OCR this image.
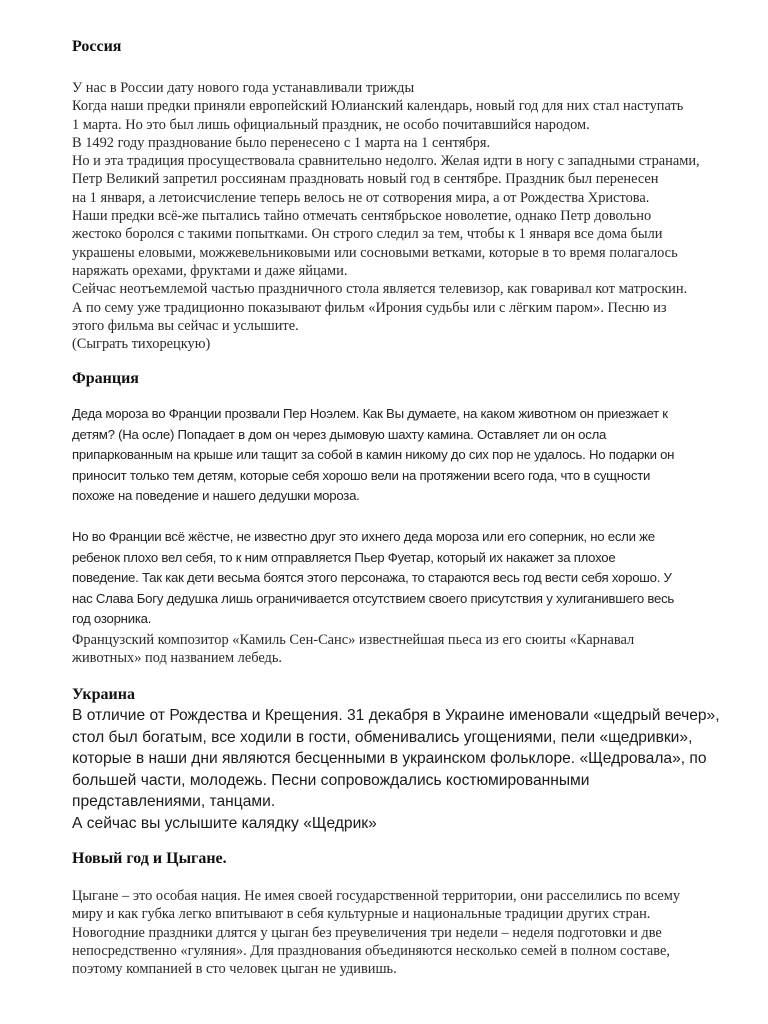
Россия
У нас в России дату нового года устанавливали трижды
Когда наши предки приняли европейский Юлианский календарь, новый год для них стал наступать
1 марта. Но это был лишь официальный праздник, не особо почитавшийся народом.
В 1492 году празднование было перенесено с 1 марта на 1 сентября.
Но и эта традиция просуществовала сравнительно недолго. Желая идти в ногу с западными странами,
Петр Великий запретил россиянам праздновать новый год в сентябре. Праздник был перенесен
на 1 января, а летоисчисление теперь велось не от сотворения мира, а от Рождества Христова.
Наши предки всё-же пытались тайно отмечать сентябрьское новолетие, однако Петр довольно
жестоко боролся с такими попытками. Он строго следил за тем, чтобы к 1 января все дома были
украшены еловыми, можжевельниковыми или сосновыми ветками, которые в то время полагалось
наряжать орехами, фруктами и даже яйцами.
Сейчас неотъемлемой частью праздничного стола является телевизор, как говаривал кот матроскин.
А по сему уже традиционно показывают фильм «Ирония судьбы или с лёгким паром». Песню из
этого фильма вы сейчас и услышите.
(Сыграть тихорецкую)
Франция
Деда мороза во Франции прозвали Пер Ноэлем. Как Вы думаете, на каком животном он приезжает к
детям? (На осле) Попадает в дом он через дымовую шахту камина. Оставляет ли он осла
припаркованным на крыше или тащит за собой в камин никому до сих пор не удалось. Но подарки он
приносит только тем детям, которые себя хорошо вели на протяжении всего года, что в сущности
похоже на поведение и нашего дедушки мороза.
Но во Франции всё жёстче, не известно друг это ихнего деда мороза или его соперник, но если же
ребенок плохо вел себя, то к ним отправляется Пьер Фуетар, который их накажет за плохое
поведение. Так как дети весьма боятся этого персонажа, то стараются весь год вести себя хорошо. У
нас Слава Богу дедушка лишь ограничивается отсутствием своего присутствия у хулиганившего весь
год озорника.
Французский композитор «Камиль Сен-Санс» известнейшая пьеса из его сюиты «Карнавал
животных» под названием лебедь.
Украина
В отличие от Рождества и Крещения. 31 декабря в Украине именовали «щедрый вечер»,
стол был богатым, все ходили в гости, обменивались угощениями, пели «щедривки»,
которые в наши дни являются бесценными в украинском фольклоре. «Щедровала», по
большей части, молодежь. Песни сопровождались костюмированными
представлениями, танцами.
А сейчас вы услышите калядку «Щедрик»
Новый год и Цыгане.
Цыгане – это особая нация. Не имея своей государственной территории, они расселились по всему
миру и как губка легко впитывают в себя культурные и национальные традиции других стран.
Новогодние праздники длятся у цыган без преувеличения три недели – неделя подготовки и две
непосредственно «гуляния». Для празднования объединяются несколько семей в полном составе,
поэтому компанией в сто человек цыган не удивишь.
